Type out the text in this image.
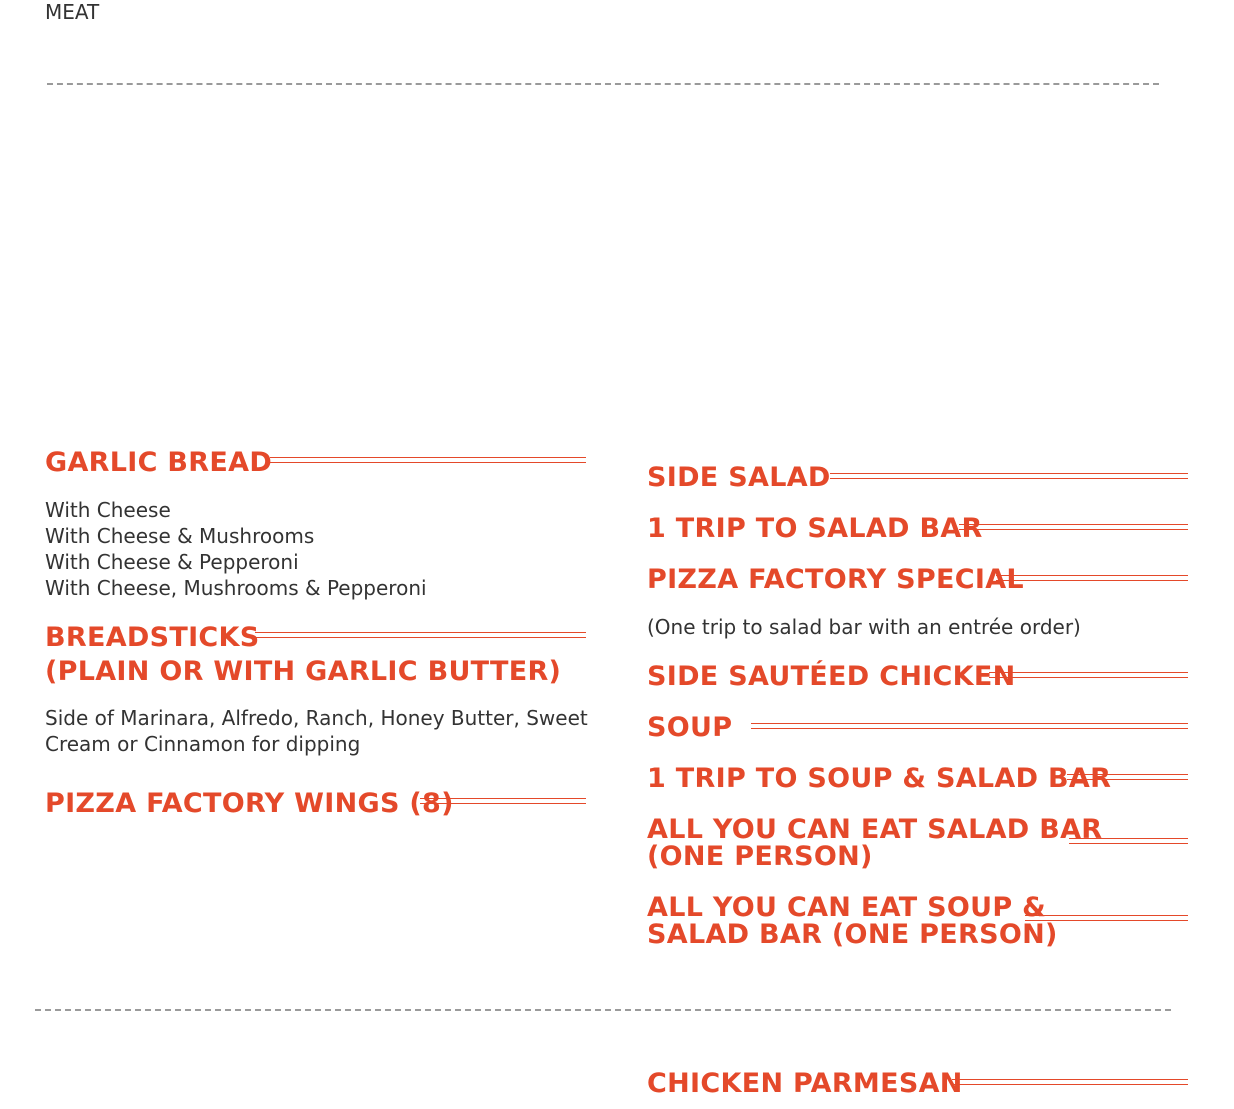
MEAT
GARLIC BREAD
With Cheese
With Cheese & Mushrooms
With Cheese & Pepperoni
With Cheese, Mushrooms & Pepperoni
BREADSTICKS
(PLAIN OR WITH GARLIC BUTTER)
Side of Marinara, Alfredo, Ranch, Honey Butter, Sweet
Cream or Cinnamon for dipping
PIZZA FACTORY WINGS (8)
SIDE SALAD
1 TRIP TO SALAD BAR
PIZZA FACTORY SPECIAL
(One trip to salad bar with an entrée order)
SIDE SAUTÉED CHICKEN
SOUP
1 TRIP TO SOUP & SALAD BAR
ALL YOU CAN EAT SALAD BAR
(ONE PERSON)
ALL YOU CAN EAT SOUP &
SALAD BAR (ONE PERSON)
CHICKEN PARMESAN
